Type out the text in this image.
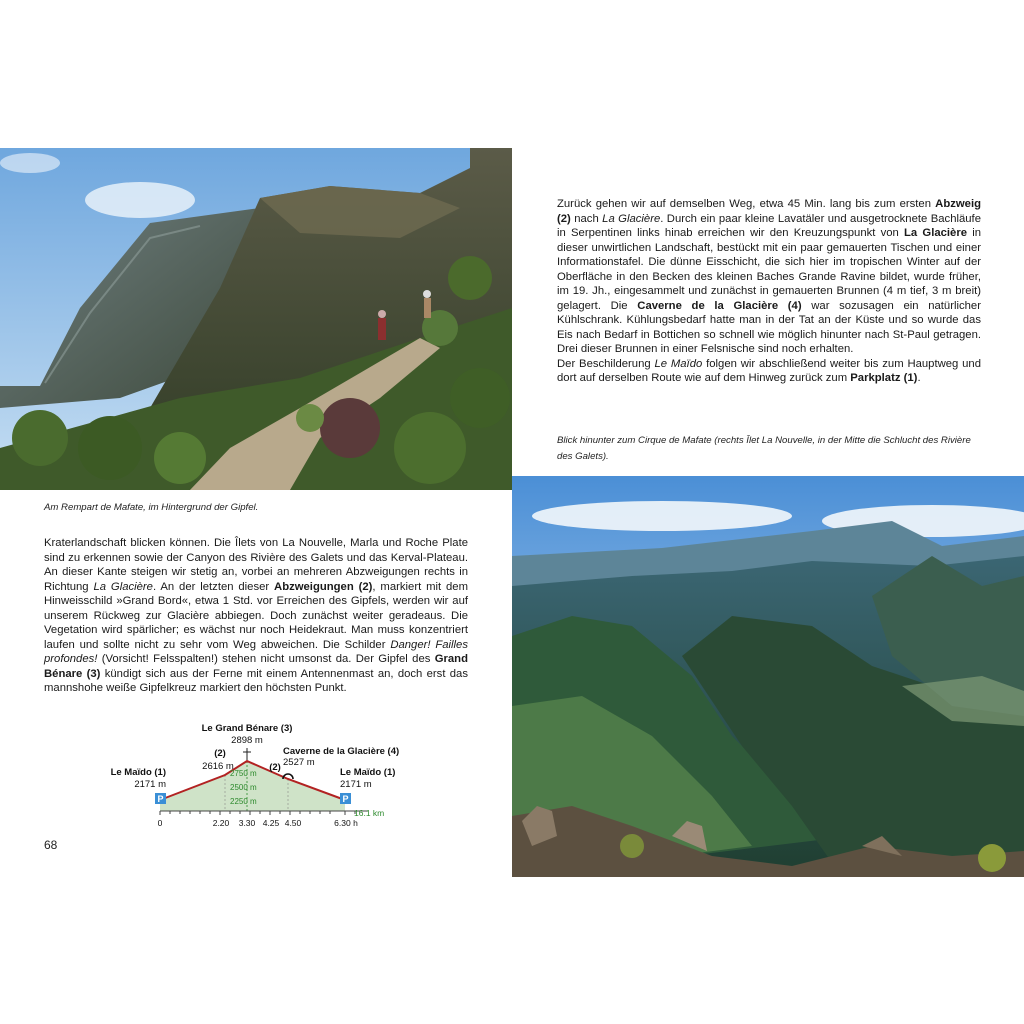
Am Rempart de Mafate, im Hintergrund der Gipfel.
Blick hinunter zum Cirque de Mafate (rechts Îlet La Nouvelle, in der Mitte die Schlucht des Rivière des Galets).

Kraterlandschaft blicken können. Die Îlets von La Nouvelle, Marla und Roche Plate sind zu erkennen sowie der Canyon des Rivière des Galets und das Kerval-Plateau. An dieser Kante steigen wir stetig an, vorbei an mehreren Abzweigungen rechts in Richtung La Glacière. An der letzten dieser Abzweigungen (2), markiert mit dem Hinweisschild »Grand Bord«, etwa 1 Std. vor Erreichen des Gipfels, werden wir auf unserem Rückweg zur Glacière abbiegen. Doch zunächst weiter geradeaus. Die Vegetation wird spärlicher; es wächst nur noch Heidekraut. Man muss konzentriert laufen und sollte nicht zu sehr vom Weg abweichen. Die Schilder Danger! Failles profondes! (Vorsicht! Felsspalten!) stehen nicht umsonst da. Der Gipfel des Grand Bénare (3) kündigt sich aus der Ferne mit einem Antennenmast an, doch erst das mannshohe weiße Gipfelkreuz markiert den höchsten Punkt.

Zurück gehen wir auf demselben Weg, etwa 45 Min. lang bis zum ersten Abzweig (2) nach La Glacière. Durch ein paar kleine Lavatäler und ausgetrocknete Bachläufe in Serpentinen links hinab erreichen wir den Kreuzungspunkt von La Glacière in dieser unwirtlichen Landschaft, bestückt mit ein paar gemauerten Tischen und einer Informationstafel. Die dünne Eisschicht, die sich hier im tropischen Winter auf der Oberfläche in den Becken des kleinen Baches Grande Ravine bildet, wurde früher, im 19. Jh., eingesammelt und zunächst in gemauerten Brunnen (4 m tief, 3 m breit) gelagert. Die Caverne de la Glacière (4) war sozusagen ein natürlicher Kühlschrank. Kühlungsbedarf hatte man in der Tat an der Küste und so wurde das Eis nach Bedarf in Bottichen so schnell wie möglich hinunter nach St-Paul getragen. Drei dieser Brunnen in einer Felsnische sind noch erhalten.

Der Beschilderung Le Maïdo folgen wir abschließend weiter bis zum Hauptweg und dort auf derselben Route wie auf dem Hinweg zurück zum Parkplatz (1).

P	P
Le Grand Bénare (3)
2898 m
(2)
2616 m	(2)
Caverne de la Glacière (4)
2527 m
Le Maïdo (1)
2171 m
Le Maïdo (1)
2171 m
2750 m
2500 m
2250 m
16.1 km
0	2.20 3.30 4.25 4.50	6.30 h
68
